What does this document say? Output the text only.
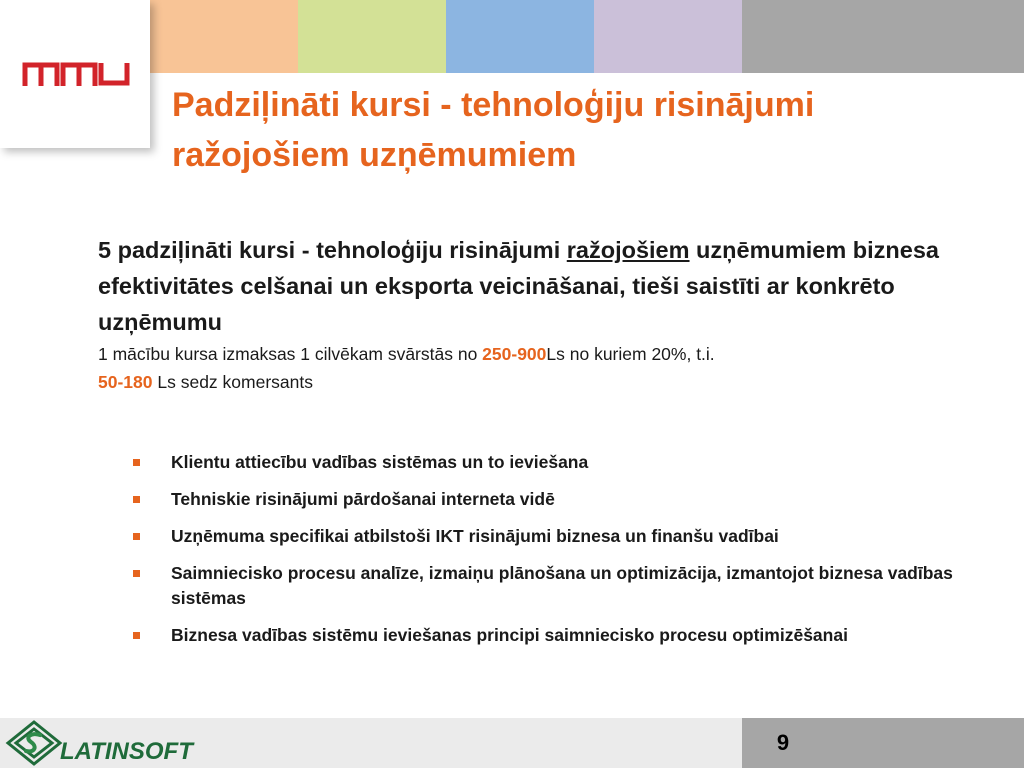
Padziļināti kursi - tehnoloģiju risinājumi
ražojošiem uzņēmumiem

5 padziļināti kursi - tehnoloģiju risinājumi ražojošiem uzņēmumiem biznesa efektivitātes celšanai un eksporta veicināšanai, tieši saistīti ar konkrēto uzņēmumu

1 mācību kursa izmaksas 1 cilvēkam svārstās no 250-900Ls no kuriem 20%, t.i.
50-180 Ls sedz komersants

Klientu attiecību vadības sistēmas un to ieviešana
Tehniskie risinājumi pārdošanai interneta vidē
Uzņēmuma specifikai atbilstoši IKT risinājumi biznesa un finanšu vadībai
Saimniecisko procesu analīze, izmaiņu plānošana un optimizācija, izmantojot biznesa vadības sistēmas
Biznesa vadības sistēmu ieviešanas principi saimniecisko procesu optimizēšanai
9
LATINSOFT
